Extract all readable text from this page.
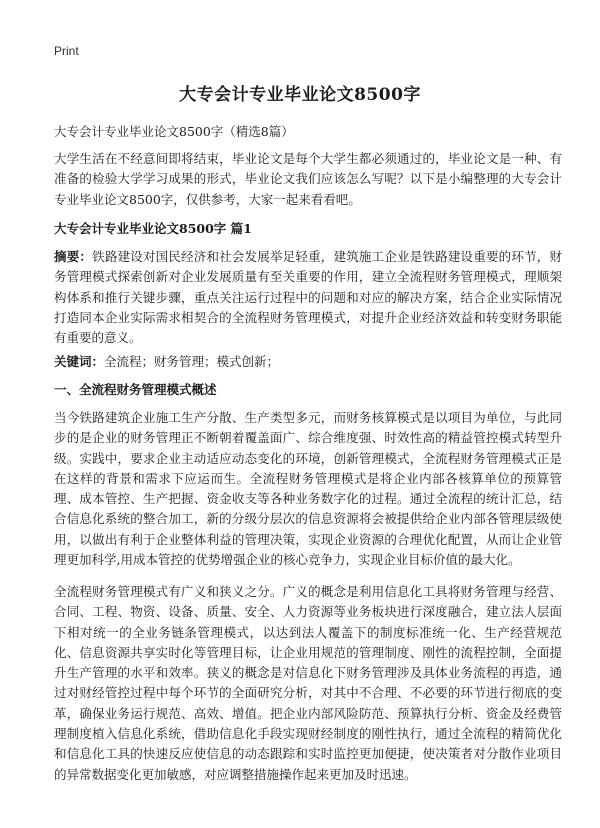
Print
大专会计专业毕业论文8500字

大专会计专业毕业论文8500字（精选8篇）

大学生活在不经意间即将结束，毕业论文是每个大学生都必须通过的，毕业论文是一种、有准备的检验大学学习成果的形式，毕业论文我们应该怎么写呢？以下是小编整理的大专会计专业毕业论文8500字，仅供参考，大家一起来看看吧。

大专会计专业毕业论文8500字 篇1

摘要：铁路建设对国民经济和社会发展举足轻重，建筑施工企业是铁路建设重要的环节，财务管理模式探索创新对企业发展质量有至关重要的作用，建立全流程财务管理模式，理顺架构体系和推行关键步骤，重点关注运行过程中的问题和对应的解决方案，结合企业实际情况打造同本企业实际需求相契合的全流程财务管理模式，对提升企业经济效益和转变财务职能有重要的意义。

关键词：全流程；财务管理；模式创新；

一、全流程财务管理模式概述

当今铁路建筑企业施工生产分散、生产类型多元，而财务核算模式是以项目为单位，与此同步的是企业的财务管理正不断朝着覆盖面广、综合维度强、时效性高的精益管控模式转型升级。实践中，要求企业主动适应动态变化的环境，创新管理模式，全流程财务管理模式正是在这样的背景和需求下应运而生。全流程财务管理模式是将企业内部各核算单位的预算管理、成本管控、生产把握、资金收支等各种业务数字化的过程。通过全流程的统计汇总，结合信息化系统的整合加工，新的分级分层次的信息资源将会被提供给企业内部各管理层级使用，以做出有利于企业整体利益的管理决策，实现企业资源的合理优化配置，从而让企业管理更加科学,用成本管控的优势增强企业的核心竞争力，实现企业目标价值的最大化。

全流程财务管理模式有广义和狭义之分。广义的概念是利用信息化工具将财务管理与经营、合同、工程、物资、设备、质量、安全、人力资源等业务板块进行深度融合，建立法人层面下相对统一的全业务链条管理模式，以达到法人覆盖下的制度标准统一化、生产经营规范化、信息资源共享实时化等管理目标，让企业用规范的管理制度、刚性的流程控制，全面提升生产管理的水平和效率。狭义的概念是对信息化下财务管理涉及具体业务流程的再造，通过对财经管控过程中每个环节的全面研究分析，对其中不合理、不必要的环节进行彻底的变革，确保业务运行规范、高效、增值。把企业内部风险防范、预算执行分析、资金及经费管理制度植入信息化系统，借助信息化手段实现财经制度的刚性执行，通过全流程的精简优化和信息化工具的快速反应使信息的动态跟踪和实时监控更加便捷，使决策者对分散作业项目的异常数据变化更加敏感，对应调整措施操作起来更加及时迅速。
